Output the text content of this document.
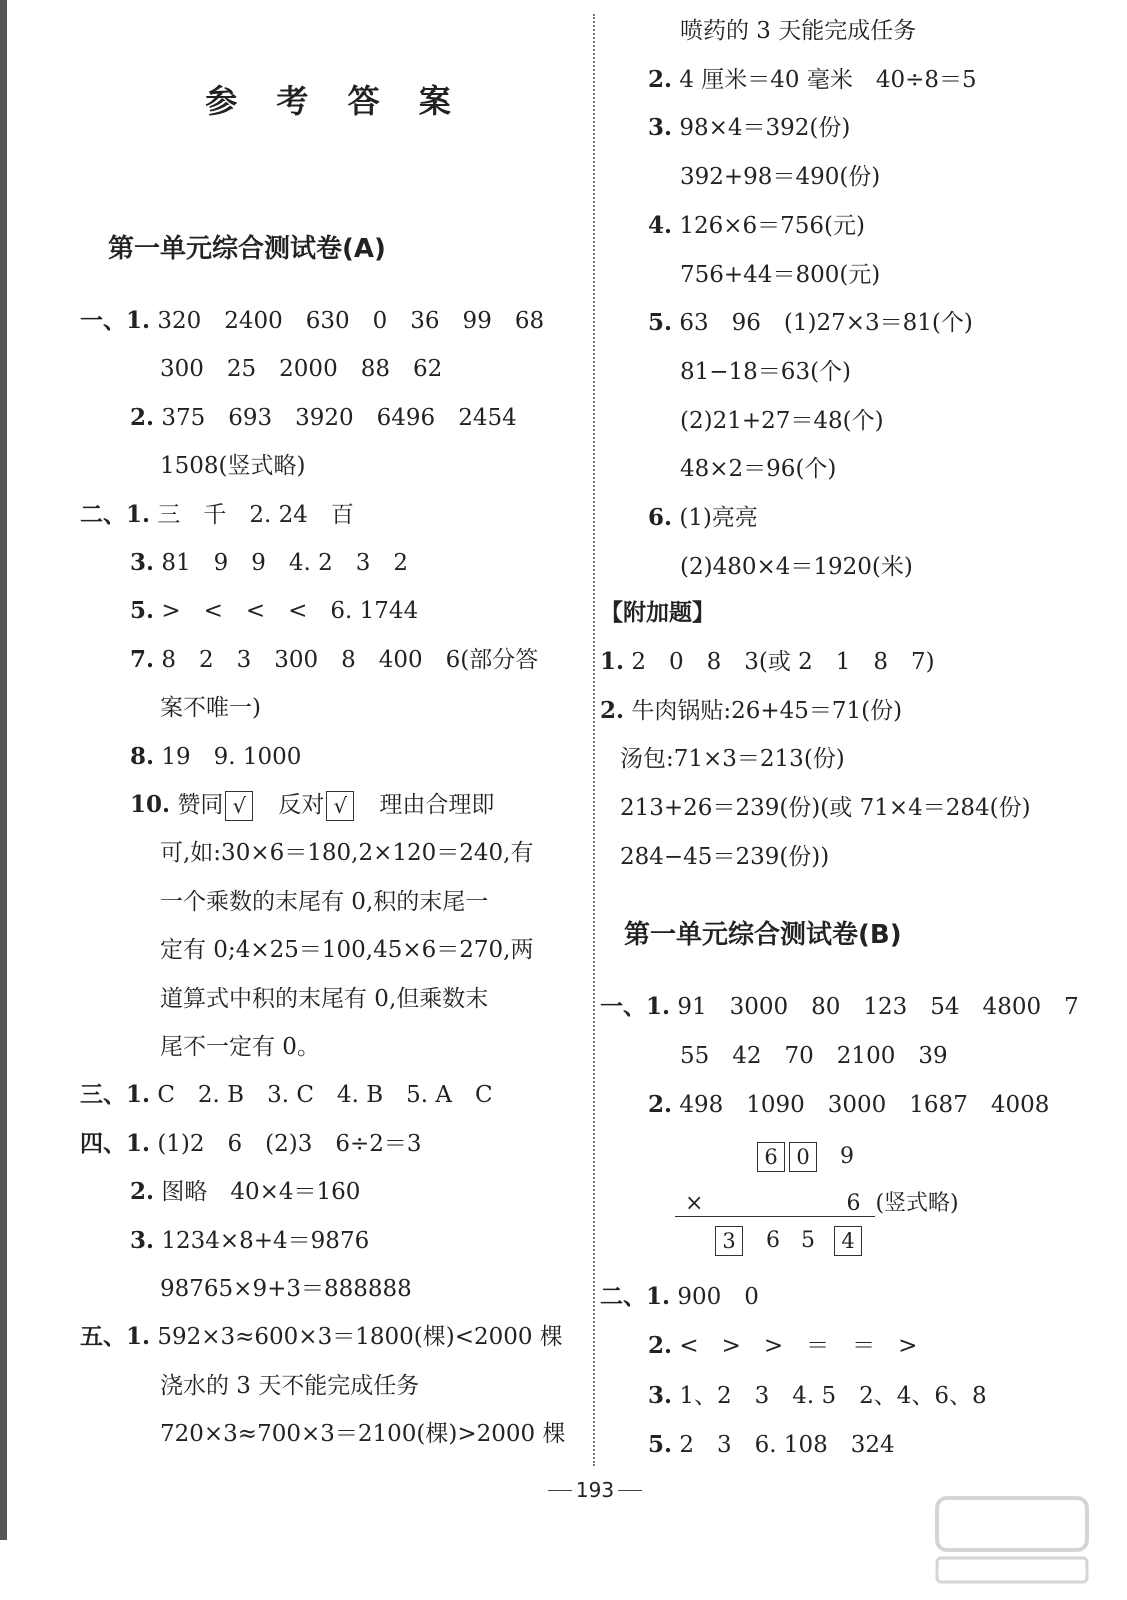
参 考 答 案
第一单元综合测试卷(A)
一、1. 320　2400　630　0　36　99　68
300　25　2000　88　62
2. 375　693　3920　6496　2454
1508(竖式略)
二、1. 三　千　2. 24　百
3. 81　9　9　4. 2　3　2
5. >　<　<　<　6. 1744
7. 8　2　3　300　8　400　6(部分答
案不唯一)
8. 19　9. 1000
10. 赞同 √　 反对 √　 理由合理即
可,如:30×6＝180,2×120＝240,有
一个乘数的末尾有 0,积的末尾一
定有 0;4×25＝100,45×6＝270,两
道算式中积的末尾有 0,但乘数末
尾不一定有 0。
三、1. C　2. B　3. C　4. B　5. A　C
四、1. (1)2　6　(2)3　6÷2＝3
2. 图略　40×4＝160
3. 1234×8+4＝9876
98765×9+3＝888888
五、1. 592×3≈600×3＝1800(棵)<2000 棵
浇水的 3 天不能完成任务
720×3≈700×3＝2100(棵)>2000 棵
喷药的 3 天能完成任务
2. 4 厘米＝40 毫米　40÷8＝5
3. 98×4＝392(份)
392+98＝490(份)
4. 126×6＝756(元)
756+44＝800(元)
5. 63　96　(1)27×3＝81(个)
81−18＝63(个)
(2)21+27＝48(个)
48×2＝96(个)
6. (1)亮亮
(2)480×4＝1920(米)
【附加题】
1. 2　0　8　3(或 2　1　8　7)
2. 牛肉锅贴:26+45＝71(份)
汤包:71×3＝213(份)
213+26＝239(份)(或 71×4＝284(份)
284−45＝239(份))
第一单元综合测试卷(B)
一、1. 91　3000　80　123　54　4800　7
55　42　70　2100　39
2. 498　1090　3000　1687　4008
6 0 9
×	6 (竖式略)
3 6 5 4
二、1. 900　0
2. <　>　>　＝　＝　>
3. 1、2　3　4. 5　2、4、6、8
5. 2　3　6. 108　324
193
